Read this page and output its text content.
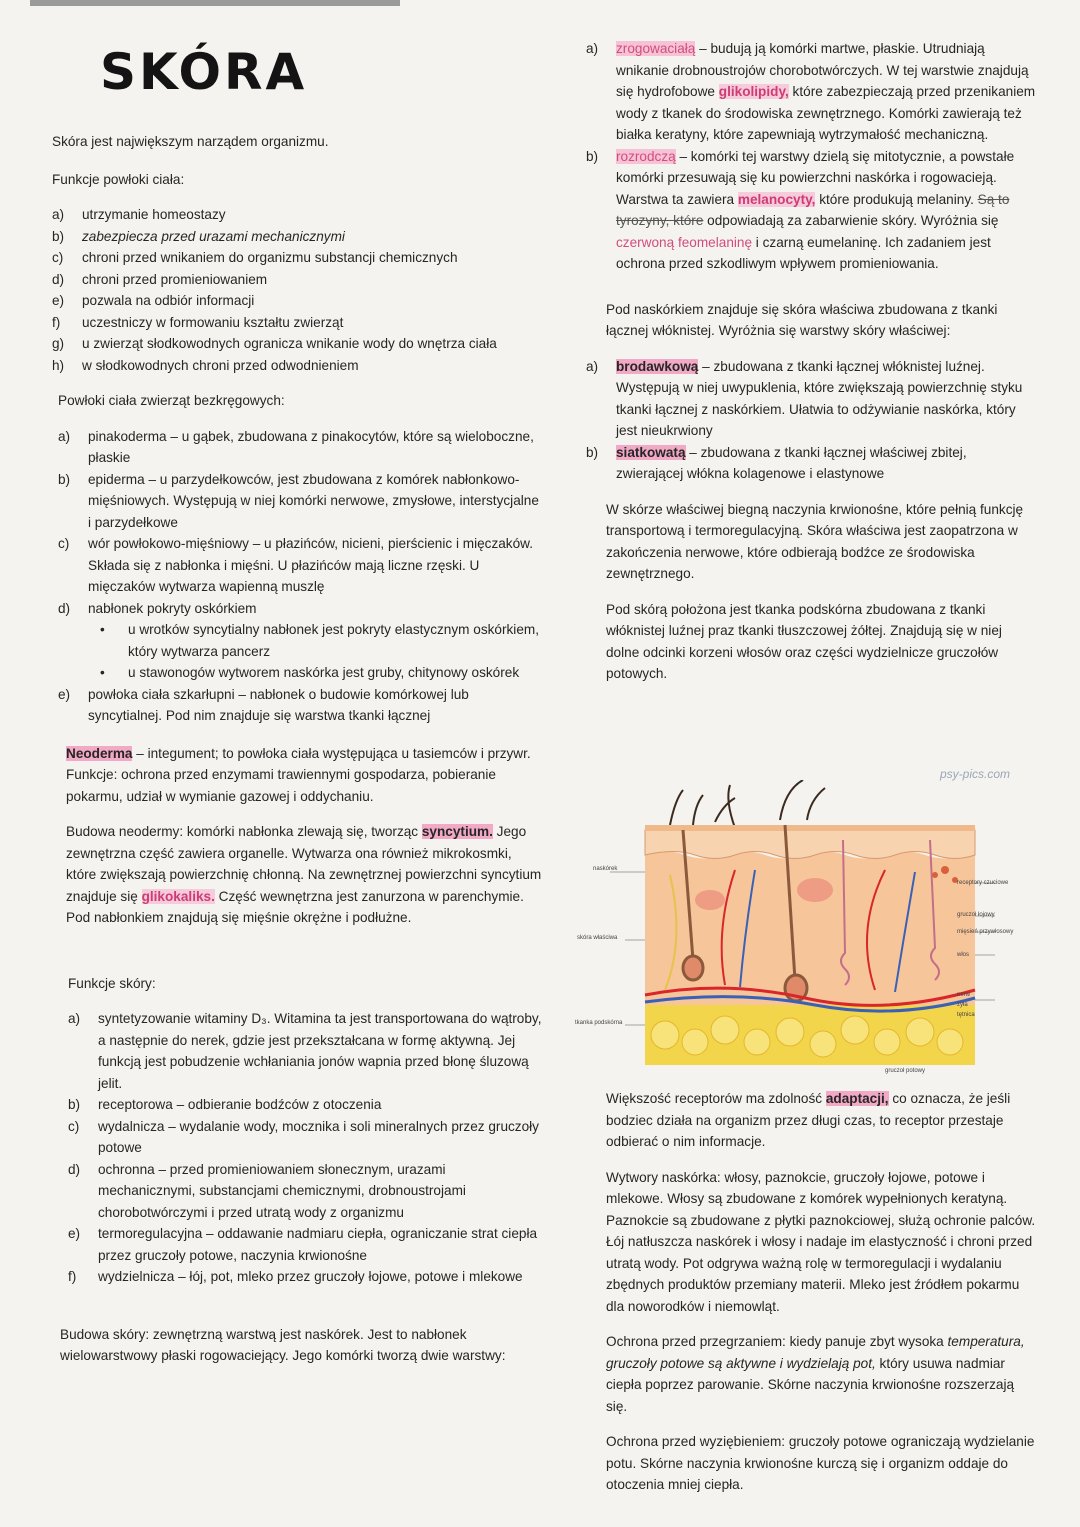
SKÓRA

Skóra jest największym narządem organizmu.

Funkcje powłoki ciała:

a) utrzymanie homeostazy
b) zabezpiecza przed urazami mechanicznymi
c) chroni przed wnikaniem do organizmu substancji chemicznych
d) chroni przed promieniowaniem
e) pozwala na odbiór informacji
f) uczestniczy w formowaniu kształtu zwierząt
g) u zwierząt słodkowodnych ogranicza wnikanie wody do wnętrza ciała
h) w słodkowodnych chroni przed odwodnieniem

Powłoki ciała zwierząt bezkręgowych:

a) pinakoderma – u gąbek, zbudowana z pinakocytów, które są wieloboczne, płaskie
b) epiderma – u parzydełkowców, jest zbudowana z komórek nabłonkowo-mięśniowych. Występują w niej komórki nerwowe, zmysłowe, interstycjalne i parzydełkowe
c) wór powłokowo-mięśniowy – u płazińców, nicieni, pierścienic i mięczaków. Składa się z nabłonka i mięśni. U płazińców mają liczne rzęski. U mięczaków wytwarza wapienną muszlę
d) nabłonek pokryty oskórkiem
• u wrotków syncytialny nabłonek jest pokryty elastycznym oskórkiem, który wytwarza pancerz
• u stawonogów wytworem naskórka jest gruby, chitynowy oskórek
e) powłoka ciała szkarłupni – nabłonek o budowie komórkowej lub syncytialnej. Pod nim znajduje się warstwa tkanki łącznej

Neoderma – integument; to powłoka ciała występująca u tasiemców i przywr. Funkcje: ochrona przed enzymami trawiennymi gospodarza, pobieranie pokarmu, udział w wymianie gazowej i oddychaniu.

Budowa neodermy: komórki nabłonka zlewają się, tworząc syncytium. Jego zewnętrzna część zawiera organelle. Wytwarza ona również mikrokosmki, które zwiększają powierzchnię chłonną. Na zewnętrznej powierzchni syncytium znajduje się glikokaliks. Część wewnętrzna jest zanurzona w parenchymie. Pod nabłonkiem znajdują się mięśnie okrężne i podłużne.

Funkcje skóry:

a) syntetyzowanie witaminy D₃. Witamina ta jest transportowana do wątroby, a następnie do nerek, gdzie jest przekształcana w formę aktywną. Jej funkcją jest pobudzenie wchłaniania jonów wapnia przed błonę śluzową jelit.
b) receptorowa – odbieranie bodźców z otoczenia
c) wydalnicza – wydalanie wody, mocznika i soli mineralnych przez gruczoły potowe
d) ochronna – przed promieniowaniem słonecznym, urazami mechanicznymi, substancjami chemicznymi, drobnoustrojami chorobotwórczymi i przed utratą wody z organizmu
e) termoregulacyjna – oddawanie nadmiaru ciepła, ograniczanie strat ciepła przez gruczoły potowe, naczynia krwionośne
f) wydzielnicza – łój, pot, mleko przez gruczoły łojowe, potowe i mlekowe

Budowa skóry: zewnętrzną warstwą jest naskórek. Jest to nabłonek wielowarstwowy płaski rogowaciejący. Jego komórki tworzą dwie warstwy:

a) zrogowaciałą – budują ją komórki martwe, płaskie. Utrudniają wnikanie drobnoustrojów chorobotwórczych. W tej warstwie znajdują się hydrofobowe glikolipidy, które zabezpieczają przed przenikaniem wody z tkanek do środowiska zewnętrznego. Komórki zawierają też białka keratyny, które zapewniają wytrzymałość mechaniczną.
b) rozrodczą – komórki tej warstwy dzielą się mitotycznie, a powstałe komórki przesuwają się ku powierzchni naskórka i rogowacieją. Warstwa ta zawiera melanocyty, które produkują melaniny. Są to tyrozyny, które odpowiadają za zabarwienie skóry. Wyróżnia się czerwoną feomelaninę i czarną eumelaninę. Ich zadaniem jest ochrona przed szkodliwym wpływem promieniowania.

Pod naskórkiem znajduje się skóra właściwa zbudowana z tkanki łącznej włóknistej. Wyróżnia się warstwy skóry właściwej:

a) brodawkową – zbudowana z tkanki łącznej włóknistej luźnej. Występują w niej uwypuklenia, które zwiększają powierzchnię styku tkanki łącznej z naskórkiem. Ułatwia to odżywianie naskórka, który jest nieukrwiony
b) siatkowatą – zbudowana z tkanki łącznej właściwej zbitej, zwierającej włókna kolagenowe i elastynowe

W skórze właściwej biegną naczynia krwionośne, które pełnią funkcję transportową i termoregulacyjną. Skóra właściwa jest zaopatrzona w zakończenia nerwowe, które odbierają bodźce ze środowiska zewnętrznego.

Pod skórą położona jest tkanka podskórna zbudowana z tkanki włóknistej luźnej praz tkanki tłuszczowej żółtej. Znajdują się w niej dolne odcinki korzeni włosów oraz części wydzielnicze gruczołów potowych.

psy-pics.com
naskórek
skóra właściwa
tkanka podskórna
receptory czuciowe
gruczoł łojowy
mięsień przywłosowy
włos
nerw
żyła
tętnica
gruczoł potowy

Większość receptorów ma zdolność adaptacji, co oznacza, że jeśli bodziec działa na organizm przez długi czas, to receptor przestaje odbierać o nim informacje.

Wytwory naskórka: włosy, paznokcie, gruczoły łojowe, potowe i mlekowe. Włosy są zbudowane z komórek wypełnionych keratyną. Paznokcie są zbudowane z płytki paznokciowej, służą ochronie palców. Łój natłuszcza naskórek i włosy i nadaje im elastyczność i chroni przed utratą wody. Pot odgrywa ważną rolę w termoregulacji i wydalaniu zbędnych produktów przemiany materii. Mleko jest źródłem pokarmu dla noworodków i niemowląt.

Ochrona przed przegrzaniem: kiedy panuje zbyt wysoka temperatura, gruczoły potowe są aktywne i wydzielają pot, który usuwa nadmiar ciepła poprzez parowanie. Skórne naczynia krwionośne rozszerzają się.

Ochrona przed wyziębieniem: gruczoły potowe ograniczają wydzielanie potu. Skórne naczynia krwionośne kurczą się i organizm oddaje do otoczenia mniej ciepła.
